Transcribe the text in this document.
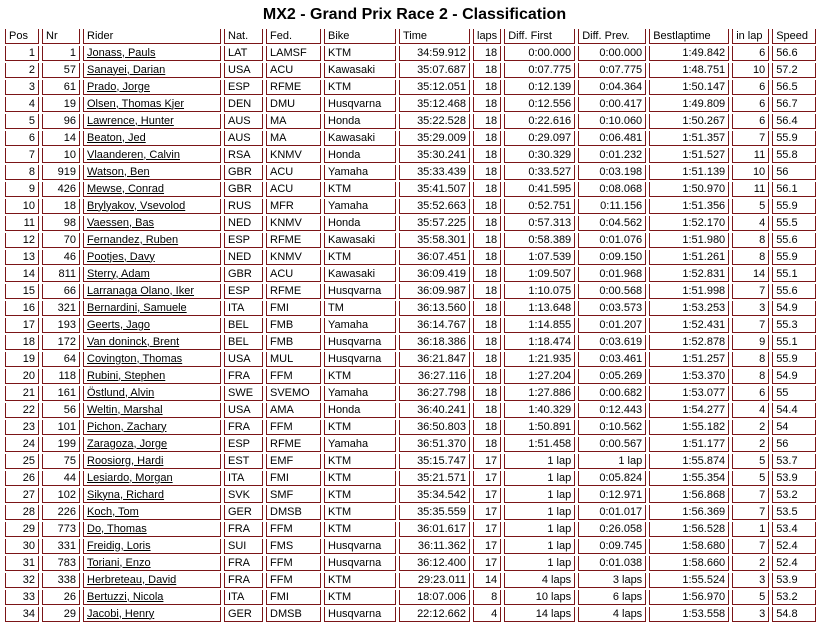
MX2 - Grand Prix Race 2 - Classification
Pos	Nr	Rider	Nat.	Fed.	Bike	Time	laps	Diff. First	Diff. Prev.	Bestlaptime	in lap	Speed
1	1	Jonass, Pauls	LAT	LAMSF	KTM	34:59.912	18	0:00.000	0:00.000	1:49.842	6	56.6
2	57	Sanayei, Darian	USA	ACU	Kawasaki	35:07.687	18	0:07.775	0:07.775	1:48.751	10	57.2
3	61	Prado, Jorge	ESP	RFME	KTM	35:12.051	18	0:12.139	0:04.364	1:50.147	6	56.5
4	19	Olsen, Thomas Kjer	DEN	DMU	Husqvarna	35:12.468	18	0:12.556	0:00.417	1:49.809	6	56.7
5	96	Lawrence, Hunter	AUS	MA	Honda	35:22.528	18	0:22.616	0:10.060	1:50.267	6	56.4
6	14	Beaton, Jed	AUS	MA	Kawasaki	35:29.009	18	0:29.097	0:06.481	1:51.357	7	55.9
7	10	Vlaanderen, Calvin	RSA	KNMV	Honda	35:30.241	18	0:30.329	0:01.232	1:51.527	11	55.8
8	919	Watson, Ben	GBR	ACU	Yamaha	35:33.439	18	0:33.527	0:03.198	1:51.139	10	56
9	426	Mewse, Conrad	GBR	ACU	KTM	35:41.507	18	0:41.595	0:08.068	1:50.970	11	56.1
10	18	Brylyakov, Vsevolod	RUS	MFR	Yamaha	35:52.663	18	0:52.751	0:11.156	1:51.356	5	55.9
11	98	Vaessen, Bas	NED	KNMV	Honda	35:57.225	18	0:57.313	0:04.562	1:52.170	4	55.5
12	70	Fernandez, Ruben	ESP	RFME	Kawasaki	35:58.301	18	0:58.389	0:01.076	1:51.980	8	55.6
13	46	Pootjes, Davy	NED	KNMV	KTM	36:07.451	18	1:07.539	0:09.150	1:51.261	8	55.9
14	811	Sterry, Adam	GBR	ACU	Kawasaki	36:09.419	18	1:09.507	0:01.968	1:52.831	14	55.1
15	66	Larranaga Olano, Iker	ESP	RFME	Husqvarna	36:09.987	18	1:10.075	0:00.568	1:51.998	7	55.6
16	321	Bernardini, Samuele	ITA	FMI	TM	36:13.560	18	1:13.648	0:03.573	1:53.253	3	54.9
17	193	Geerts, Jago	BEL	FMB	Yamaha	36:14.767	18	1:14.855	0:01.207	1:52.431	7	55.3
18	172	Van doninck, Brent	BEL	FMB	Husqvarna	36:18.386	18	1:18.474	0:03.619	1:52.878	9	55.1
19	64	Covington, Thomas	USA	MUL	Husqvarna	36:21.847	18	1:21.935	0:03.461	1:51.257	8	55.9
20	118	Rubini, Stephen	FRA	FFM	KTM	36:27.116	18	1:27.204	0:05.269	1:53.370	8	54.9
21	161	Östlund, Alvin	SWE	SVEMO	Yamaha	36:27.798	18	1:27.886	0:00.682	1:53.077	6	55
22	56	Weltin, Marshal	USA	AMA	Honda	36:40.241	18	1:40.329	0:12.443	1:54.277	4	54.4
23	101	Pichon, Zachary	FRA	FFM	KTM	36:50.803	18	1:50.891	0:10.562	1:55.182	2	54
24	199	Zaragoza, Jorge	ESP	RFME	Yamaha	36:51.370	18	1:51.458	0:00.567	1:51.177	2	56
25	75	Roosiorg, Hardi	EST	EMF	KTM	35:15.747	17	1 lap	1 lap	1:55.874	5	53.7
26	44	Lesiardo, Morgan	ITA	FMI	KTM	35:21.571	17	1 lap	0:05.824	1:55.354	5	53.9
27	102	Sikyna, Richard	SVK	SMF	KTM	35:34.542	17	1 lap	0:12.971	1:56.868	7	53.2
28	226	Koch, Tom	GER	DMSB	KTM	35:35.559	17	1 lap	0:01.017	1:56.369	7	53.5
29	773	Do, Thomas	FRA	FFM	KTM	36:01.617	17	1 lap	0:26.058	1:56.528	1	53.4
30	331	Freidig, Loris	SUI	FMS	Husqvarna	36:11.362	17	1 lap	0:09.745	1:58.680	7	52.4
31	783	Toriani, Enzo	FRA	FFM	Husqvarna	36:12.400	17	1 lap	0:01.038	1:58.660	2	52.4
32	338	Herbreteau, David	FRA	FFM	KTM	29:23.011	14	4 laps	3 laps	1:55.524	3	53.9
33	26	Bertuzzi, Nicola	ITA	FMI	KTM	18:07.006	8	10 laps	6 laps	1:56.970	5	53.2
34	29	Jacobi, Henry	GER	DMSB	Husqvarna	22:12.662	4	14 laps	4 laps	1:53.558	3	54.8
